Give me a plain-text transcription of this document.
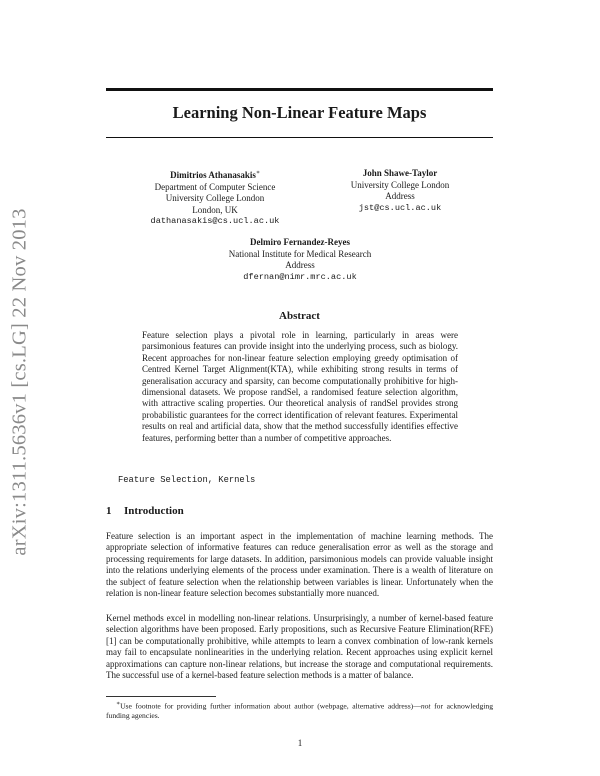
arXiv:1311.5636v1 [cs.LG] 22 Nov 2013
Learning Non-Linear Feature Maps
Dimitrios Athanasakis∗
Department of Computer Science
University College London
London, UK
dathanasakis@cs.ucl.ac.uk
John Shawe-Taylor
University College London
Address
jst@cs.ucl.ac.uk
Delmiro Fernandez-Reyes
National Institute for Medical Research
Address
dfernan@nimr.mrc.ac.uk
Abstract
Feature selection plays a pivotal role in learning, particularly in areas were parsimonious features can provide insight into the underlying process, such as biology. Recent approaches for non-linear feature selection employing greedy optimisation of Centred Kernel Target Alignment(KTA), while exhibiting strong results in terms of generalisation accuracy and sparsity, can become computationally prohibitive for high-dimensional datasets. We propose randSel, a randomised feature selection algorithm, with attractive scaling properties. Our theoretical analysis of randSel provides strong probabilistic guarantees for the correct identification of relevant features. Experimental results on real and artificial data, show that the method successfully identifies effective features, performing better than a number of competitive approaches.
Feature Selection, Kernels
1 Introduction

Feature selection is an important aspect in the implementation of machine learning methods. The appropriate selection of informative features can reduce generalisation error as well as the storage and processing requirements for large datasets. In addition, parsimonious models can provide valuable insight into the relations underlying elements of the process under examination. There is a wealth of literature on the subject of feature selection when the relationship between variables is linear. Unfortunately when the relation is non-linear feature selection becomes substantially more nuanced.

Kernel methods excel in modelling non-linear relations. Unsurprisingly, a number of kernel-based feature selection algorithms have been proposed. Early propositions, such as Recursive Feature Elimination(RFE) [1] can be computationally prohibitive, while attempts to learn a convex combination of low-rank kernels may fail to encapsulate nonlinearities in the underlying relation. Recent approaches using explicit kernel approximations can capture non-linear relations, but increase the storage and computational requirements. The successful use of a kernel-based feature selection methods is a matter of balance.

∗Use footnote for providing further information about author (webpage, alternative address)—not for acknowledging funding agencies.

1
